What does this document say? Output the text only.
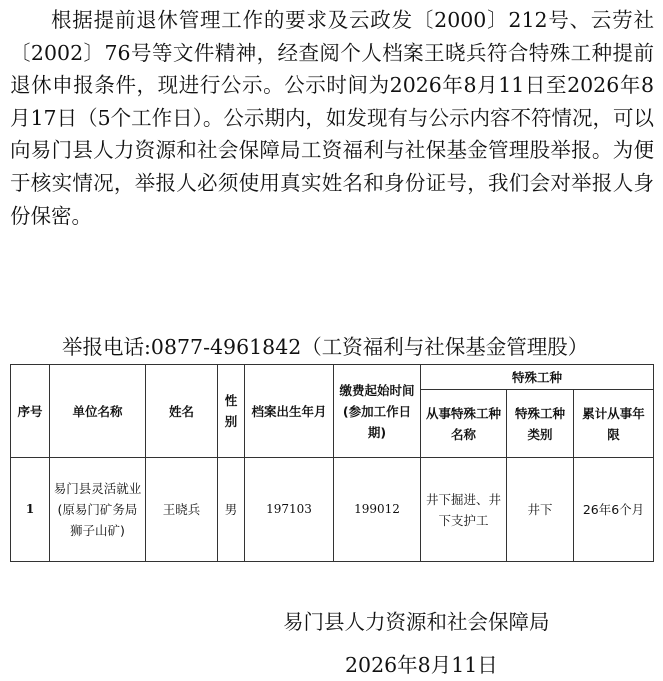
根据提前退休管理工作的要求及云政发〔2000〕212号、云劳社〔2002〕76号等文件精神，经查阅个人档案王晓兵符合特殊工种提前退休申报条件，现进行公示。公示时间为2026年8月11日至2026年8月17日（5个工作日）。公示期内，如发现有与公示内容不符情况，可以向易门县人力资源和社会保障局工资福利与社保基金管理股举报。为便于核实情况，举报人必须使用真实姓名和身份证号，我们会对举报人身份保密。

举报电话:0877-4961842（工资福利与社保基金管理股）
序号	单位名称	姓名	性别	档案出生年月	缴费起始时间(参加工作日期)	特殊工种		
						从事特殊工种名称	特殊工种类别	累计从事年限
1	易门县灵活就业(原易门矿务局狮子山矿)	王晓兵	男	197103	199012	井下掘进、井下支护工	井下	26年6个月
易门县人力资源和社会保障局
2026年8月11日
